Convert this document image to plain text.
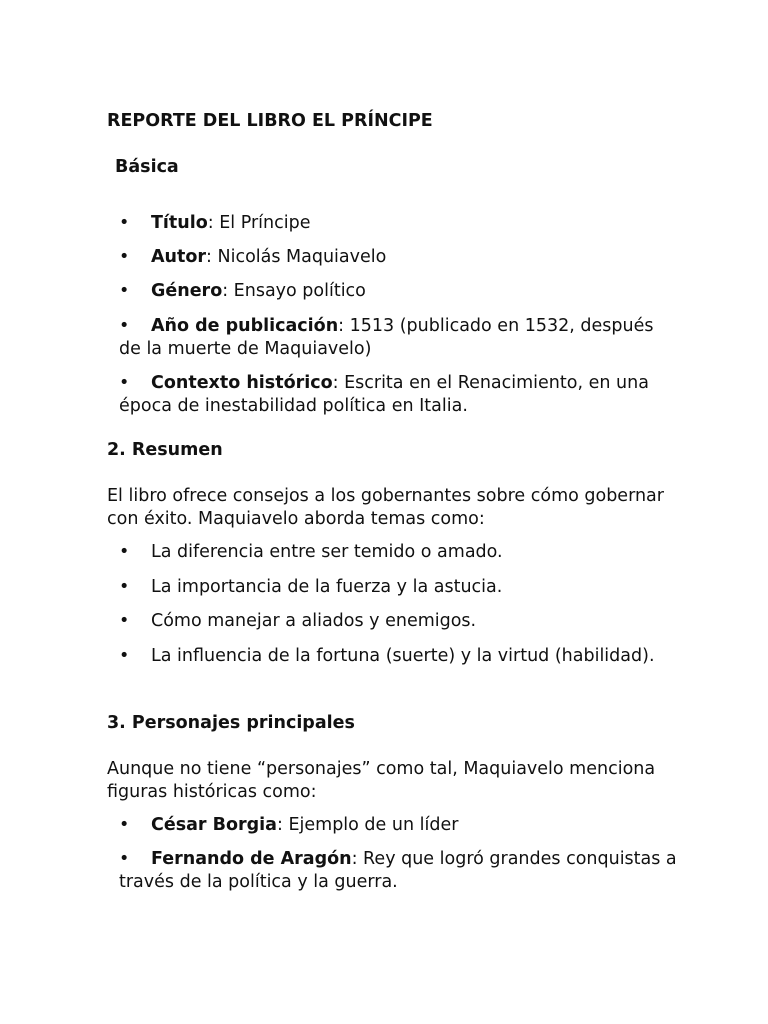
REPORTE DEL LIBRO EL PRÍNCIPE

Básica

• Título: El Príncipe

• Autor: Nicolás Maquiavelo

• Género: Ensayo político

• Año de publicación: 1513 (publicado en 1532, después de la muerte de Maquiavelo)

• Contexto histórico: Escrita en el Renacimiento, en una época de inestabilidad política en Italia.

2. Resumen

El libro ofrece consejos a los gobernantes sobre cómo gobernar con éxito. Maquiavelo aborda temas como:

• La diferencia entre ser temido o amado.

• La importancia de la fuerza y la astucia.

• Cómo manejar a aliados y enemigos.

• La influencia de la fortuna (suerte) y la virtud (habilidad).

3. Personajes principales

Aunque no tiene “personajes” como tal, Maquiavelo menciona figuras históricas como:

• César Borgia: Ejemplo de un líder

• Fernando de Aragón: Rey que logró grandes conquistas a través de la política y la guerra.
